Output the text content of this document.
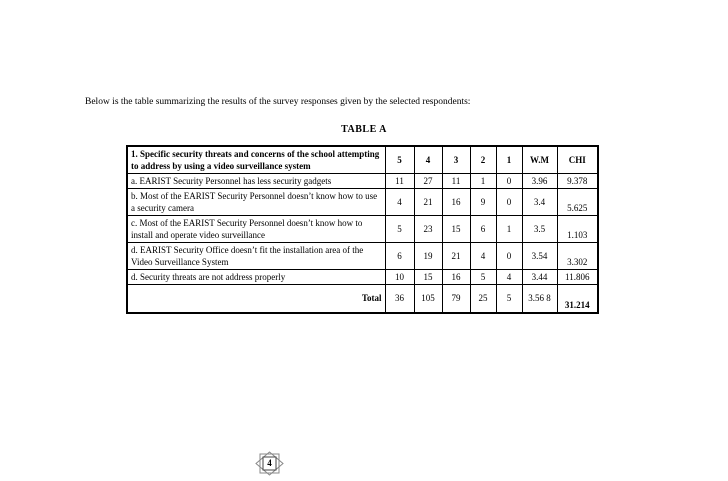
Below is the table summarizing the results of the survey responses given by the selected respondents:
TABLE A
1. Specific security threats and concerns of the school attempting to address by using a video surveillance system	5	4	3	2	1	W.M	CHI
a. EARIST Security Personnel has less security gadgets	11	27	11	1	0	3.96	9.378
b. Most of the EARIST Security Personnel doesn’t know how to use a security camera	4	21	16	9	0	3.4	5.625
c. Most of the EARIST Security Personnel doesn’t know how to install and operate video surveillance	5	23	15	6	1	3.5	1.103
d. EARIST Security Office doesn’t fit the installation area of the Video Surveillance System	6	19	21	4	0	3.54	3.302
d. Security threats are not address properly	10	15	16	5	4	3.44	11.806
Total	36	105	79	25	5	3.56 8	31.214
4
